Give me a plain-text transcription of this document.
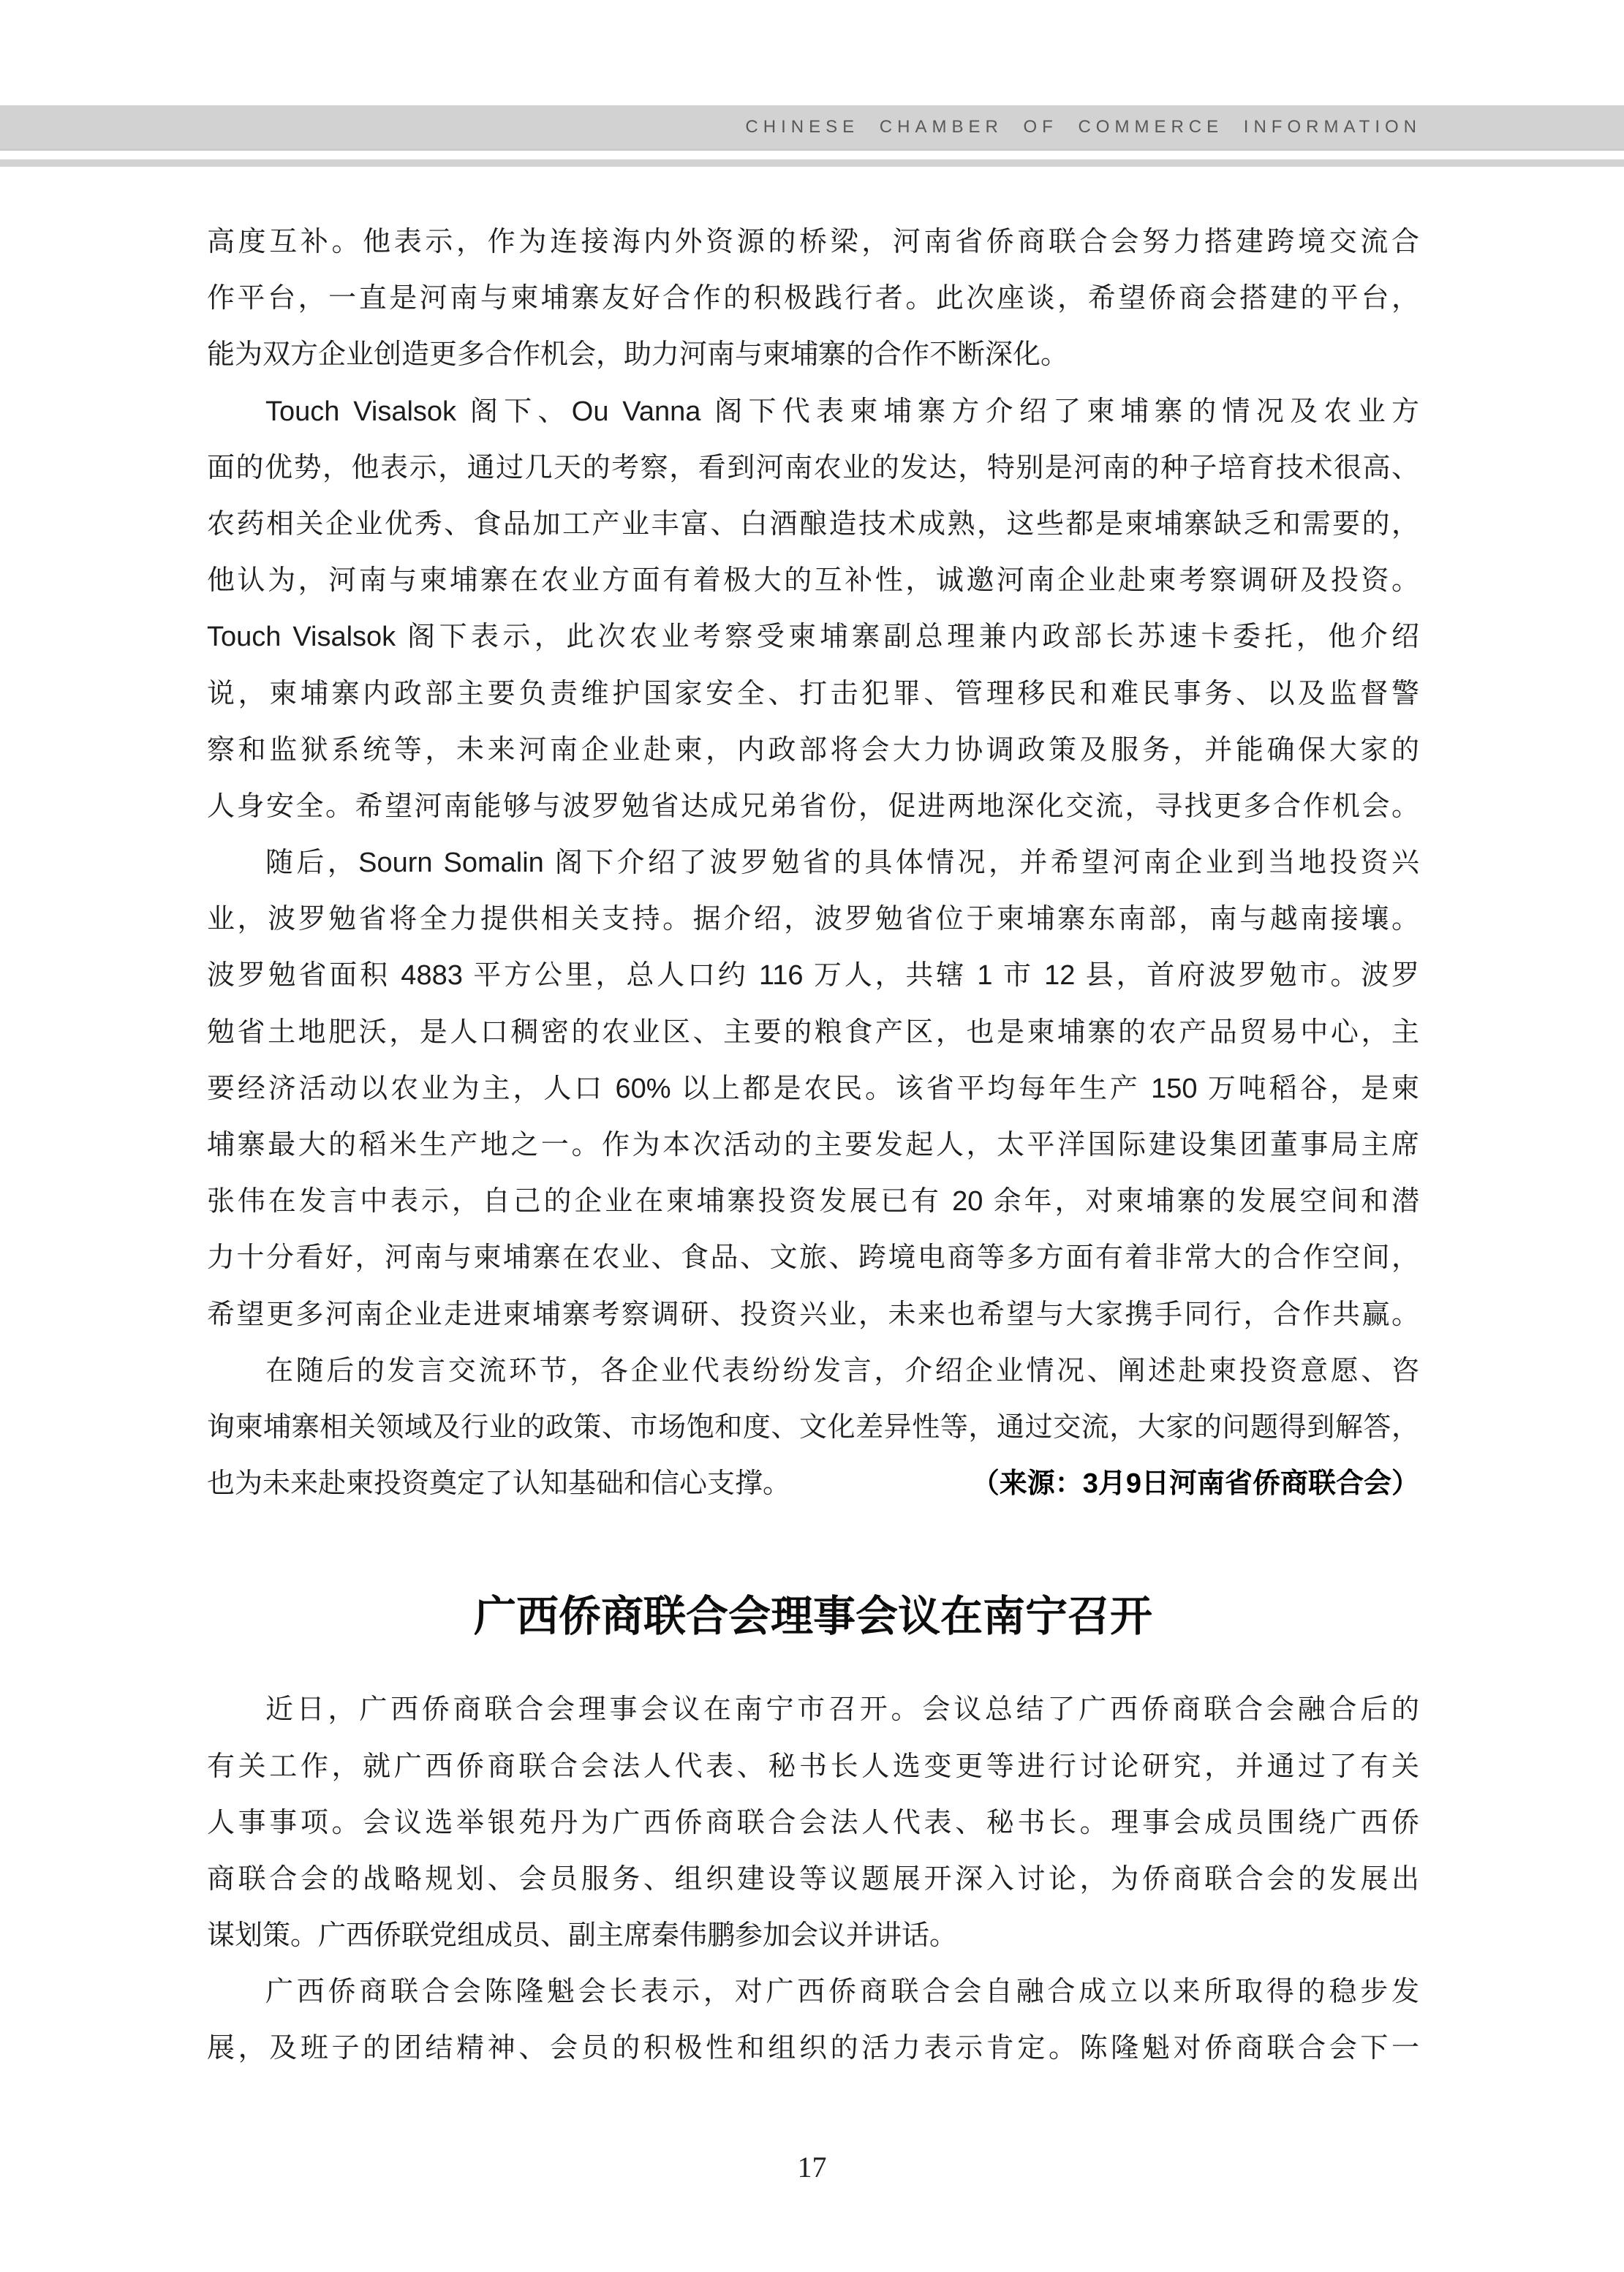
CHINESE CHAMBER OF COMMERCE INFORMATION
高度互补。他表示，作为连接海内外资源的桥梁，河南省侨商联合会努力搭建跨境交流合
作平台，一直是河南与柬埔寨友好合作的积极践行者。此次座谈，希望侨商会搭建的平台，
能为双方企业创造更多合作机会，助力河南与柬埔寨的合作不断深化。
Touch Visalsok 阁下、Ou Vanna 阁下代表柬埔寨方介绍了柬埔寨的情况及农业方
面的优势，他表示，通过几天的考察，看到河南农业的发达，特别是河南的种子培育技术很高、
农药相关企业优秀、食品加工产业丰富、白酒酿造技术成熟，这些都是柬埔寨缺乏和需要的，
他认为，河南与柬埔寨在农业方面有着极大的互补性，诚邀河南企业赴柬考察调研及投资。
Touch Visalsok 阁下表示，此次农业考察受柬埔寨副总理兼内政部长苏速卡委托，他介绍
说，柬埔寨内政部主要负责维护国家安全、打击犯罪、管理移民和难民事务、以及监督警
察和监狱系统等，未来河南企业赴柬，内政部将会大力协调政策及服务，并能确保大家的
人身安全。希望河南能够与波罗勉省达成兄弟省份，促进两地深化交流，寻找更多合作机会。
随后，Sourn Somalin 阁下介绍了波罗勉省的具体情况，并希望河南企业到当地投资兴
业，波罗勉省将全力提供相关支持。据介绍，波罗勉省位于柬埔寨东南部，南与越南接壤。
波罗勉省面积 4883 平方公里，总人口约 116 万人，共辖 1 市 12 县，首府波罗勉市。波罗
勉省土地肥沃，是人口稠密的农业区、主要的粮食产区，也是柬埔寨的农产品贸易中心，主
要经济活动以农业为主，人口 60% 以上都是农民。该省平均每年生产 150 万吨稻谷，是柬
埔寨最大的稻米生产地之一。作为本次活动的主要发起人，太平洋国际建设集团董事局主席
张伟在发言中表示，自己的企业在柬埔寨投资发展已有 20 余年，对柬埔寨的发展空间和潜
力十分看好，河南与柬埔寨在农业、食品、文旅、跨境电商等多方面有着非常大的合作空间，
希望更多河南企业走进柬埔寨考察调研、投资兴业，未来也希望与大家携手同行，合作共赢。
在随后的发言交流环节，各企业代表纷纷发言，介绍企业情况、阐述赴柬投资意愿、咨
询柬埔寨相关领域及行业的政策、市场饱和度、文化差异性等，通过交流，大家的问题得到解答，
也为未来赴柬投资奠定了认知基础和信心支撑。	（来源：3月9日河南省侨商联合会）
广西侨商联合会理事会议在南宁召开
近日，广西侨商联合会理事会议在南宁市召开。会议总结了广西侨商联合会融合后的
有关工作，就广西侨商联合会法人代表、秘书长人选变更等进行讨论研究，并通过了有关
人事事项。会议选举银苑丹为广西侨商联合会法人代表、秘书长。理事会成员围绕广西侨
商联合会的战略规划、会员服务、组织建设等议题展开深入讨论，为侨商联合会的发展出
谋划策。广西侨联党组成员、副主席秦伟鹏参加会议并讲话。
广西侨商联合会陈隆魁会长表示，对广西侨商联合会自融合成立以来所取得的稳步发
展，及班子的团结精神、会员的积极性和组织的活力表示肯定。陈隆魁对侨商联合会下一
17
